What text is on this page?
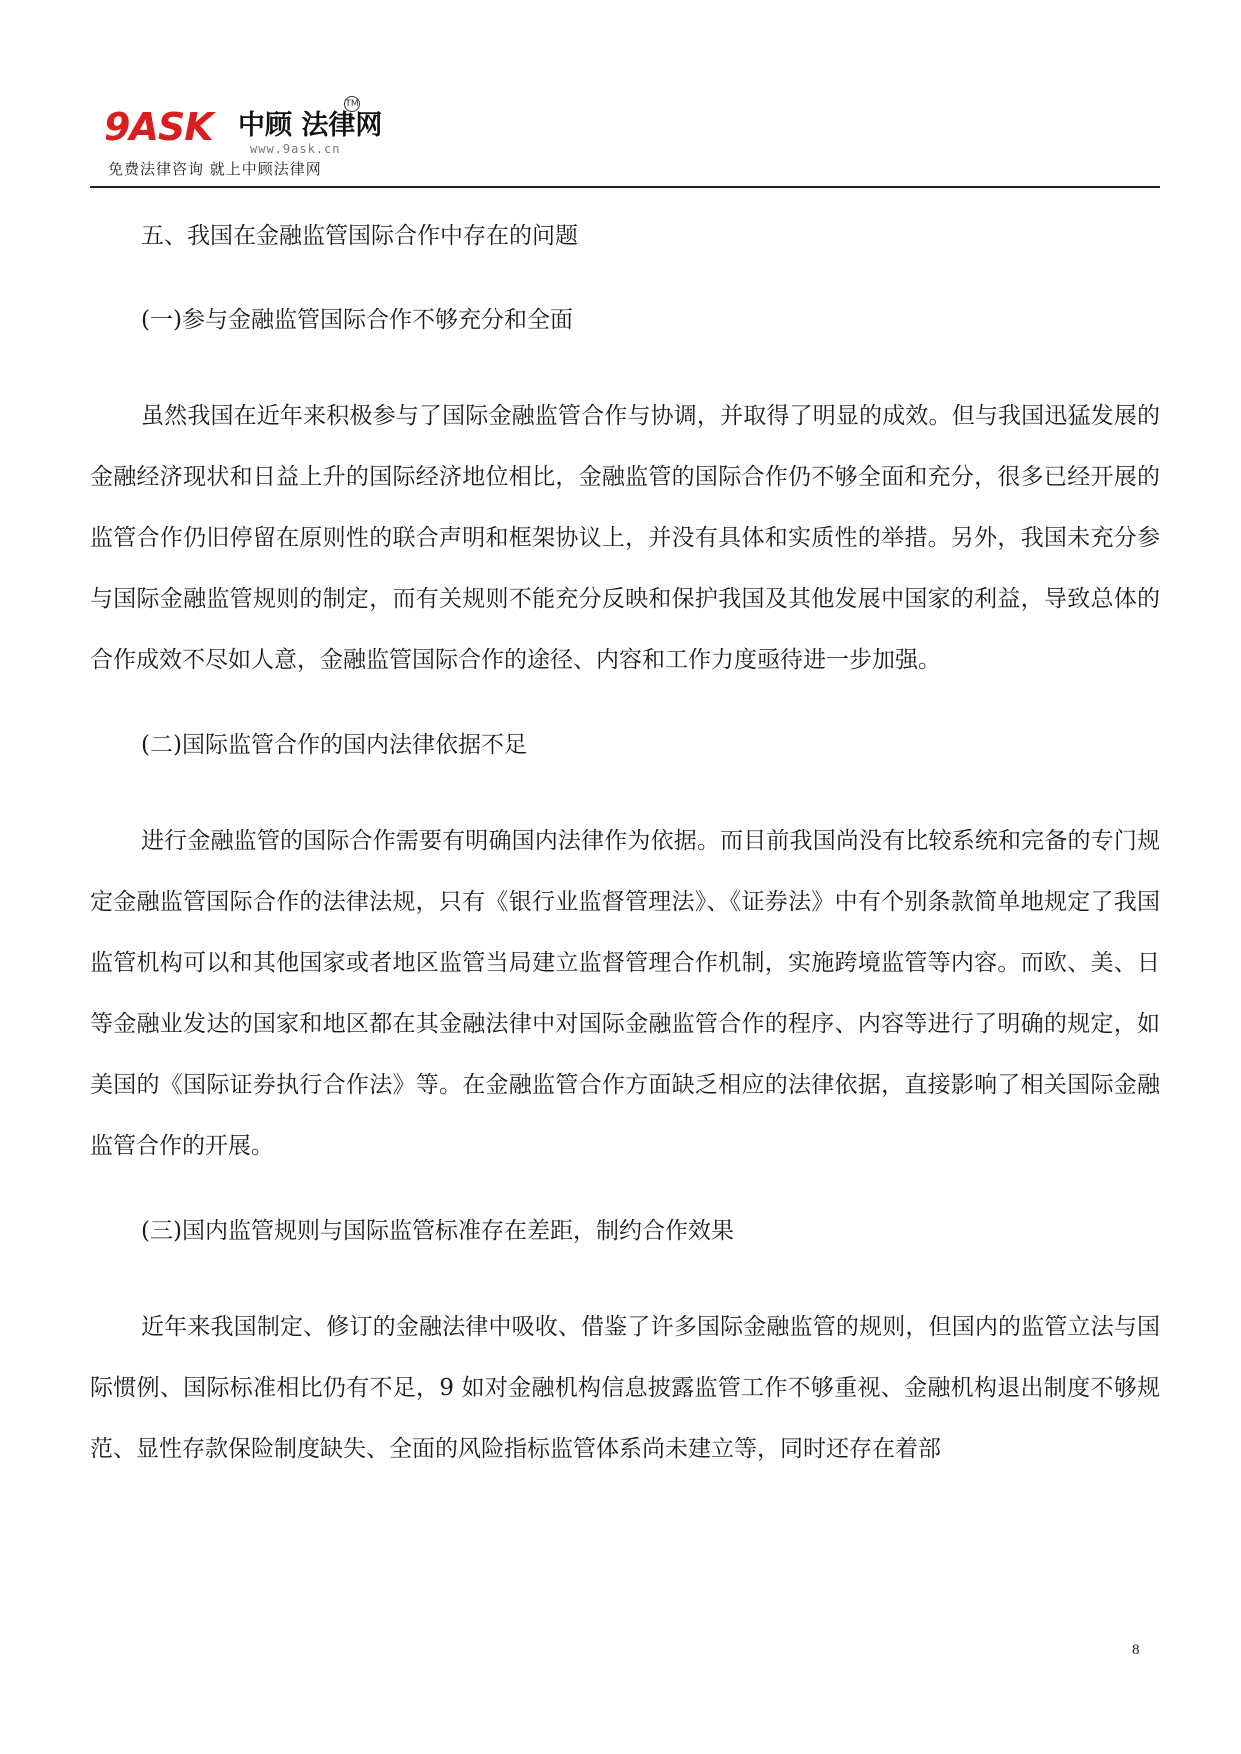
9ASK 中顾 法律网
TM
www.9ask.cn
免费法律咨询 就上中顾法律网
五、我国在金融监管国际合作中存在的问题
(一)参与金融监管国际合作不够充分和全面

虽然我国在近年来积极参与了国际金融监管合作与协调，并取得了明显的成效。但与我国迅猛发展的金融经济现状和日益上升的国际经济地位相比，金融监管的国际合作仍不够全面和充分，很多已经开展的监管合作仍旧停留在原则性的联合声明和框架协议上，并没有具体和实质性的举措。另外，我国未充分参与国际金融监管规则的制定，而有关规则不能充分反映和保护我国及其他发展中国家的利益，导致总体的合作成效不尽如人意，金融监管国际合作的途径、内容和工作力度亟待进一步加强。

(二)国际监管合作的国内法律依据不足

进行金融监管的国际合作需要有明确国内法律作为依据。而目前我国尚没有比较系统和完备的专门规定金融监管国际合作的法律法规，只有《银行业监督管理法》、《证券法》中有个别条款简单地规定了我国监管机构可以和其他国家或者地区监管当局建立监督管理合作机制，实施跨境监管等内容。而欧、美、日等金融业发达的国家和地区都在其金融法律中对国际金融监管合作的程序、内容等进行了明确的规定，如美国的《国际证券执行合作法》等。在金融监管合作方面缺乏相应的法律依据，直接影响了相关国际金融监管合作的开展。

(三)国内监管规则与国际监管标准存在差距，制约合作效果

近年来我国制定、修订的金融法律中吸收、借鉴了许多国际金融监管的规则，但国内的监管立法与国际惯例、国际标准相比仍有不足，9 如对金融机构信息披露监管工作不够重视、金融机构退出制度不够规范、显性存款保险制度缺失、全面的风险指标监管体系尚未建立等，同时还存在着部

8
